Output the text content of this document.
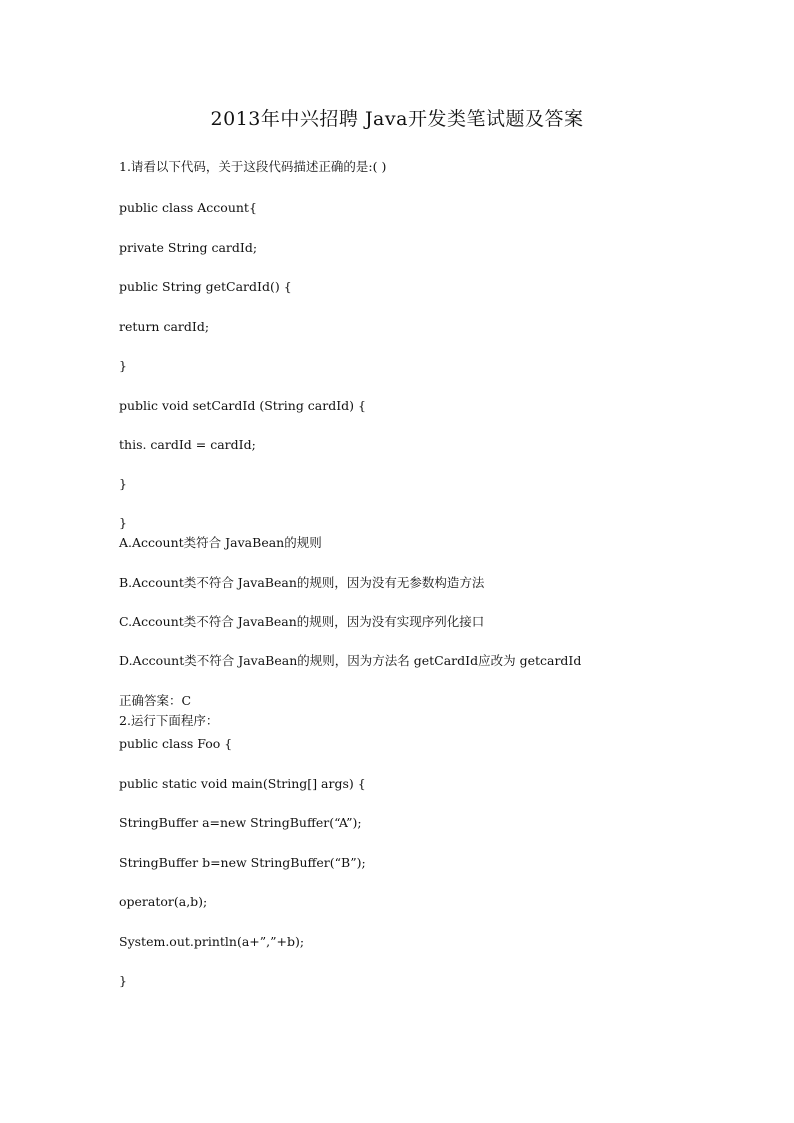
2013年中兴招聘 Java开发类笔试题及答案
1.请看以下代码，关于这段代码描述正确的是:( )
public class Account{
private String cardId;
public String getCardId() {
return cardId;
}
public void setCardId (String cardId) {
this. cardId = cardId;
}
}
A.Account类符合 JavaBean的规则
B.Account类不符合 JavaBean的规则，因为没有无参数构造方法
C.Account类不符合 JavaBean的规则，因为没有实现序列化接口
D.Account类不符合 JavaBean的规则，因为方法名 getCardId应改为 getcardId
正确答案：C
2.运行下面程序：
public class Foo {
public static void main(String[] args) {
StringBuffer a=new StringBuffer(“A”);
StringBuffer b=new StringBuffer(“B”);
operator(a,b);
System.out.println(a+”,”+b);
}
